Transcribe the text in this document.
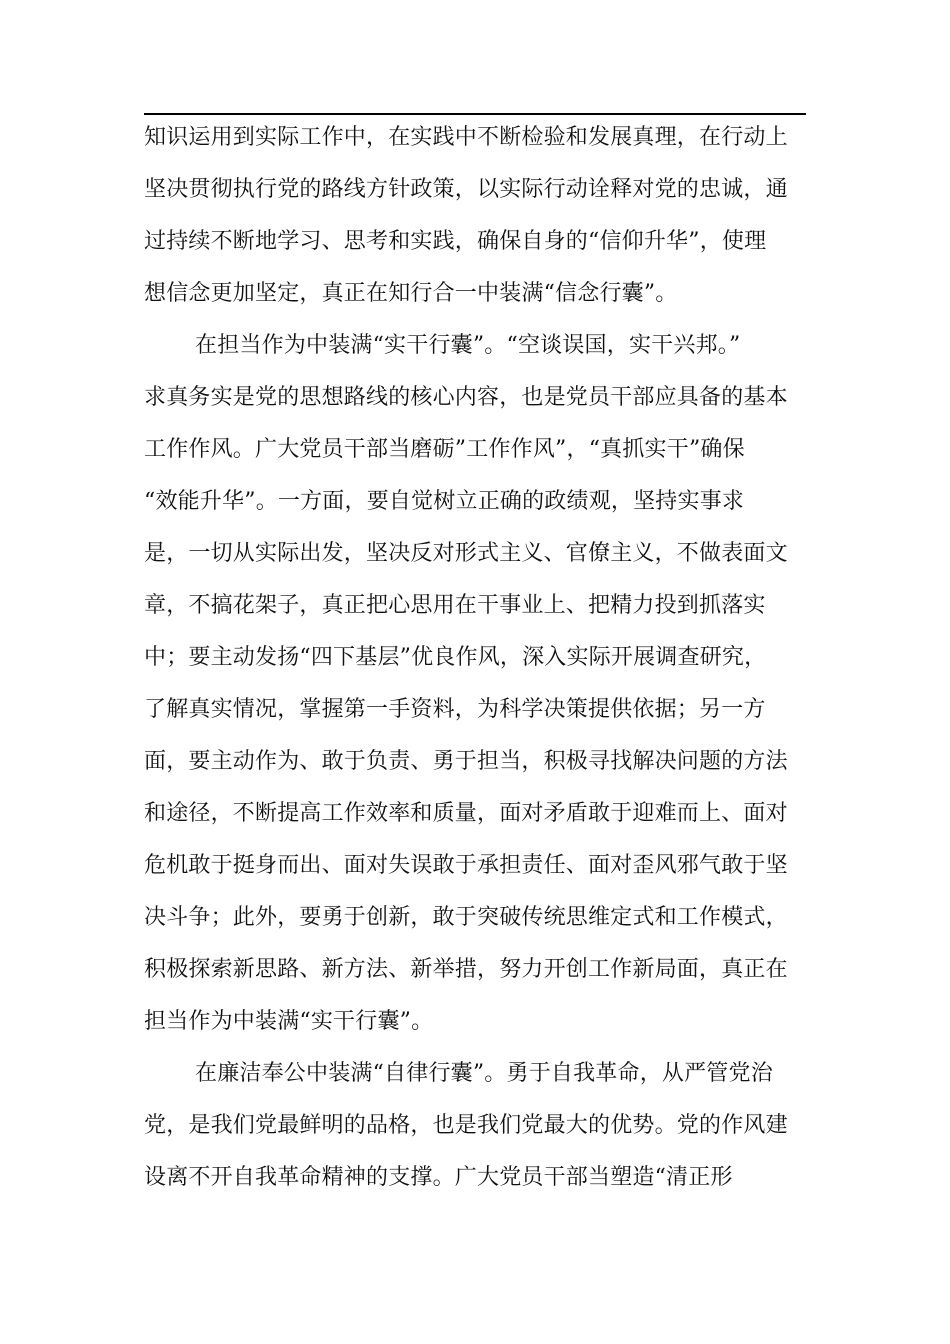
知识运用到实际工作中，在实践中不断检验和发展真理，在行动上
坚决贯彻执行党的路线方针政策，以实际行动诠释对党的忠诚，通
过持续不断地学习、思考和实践，确保自身的“信仰升华”，使理
想信念更加坚定，真正在知行合一中装满“信念行囊”。
在担当作为中装满“实干行囊”。“空谈误国，实干兴邦。”
求真务实是党的思想路线的核心内容，也是党员干部应具备的基本
工作作风。广大党员干部当磨砺”工作作风”，“真抓实干”确保
“效能升华”。一方面，要自觉树立正确的政绩观，坚持实事求
是，一切从实际出发，坚决反对形式主义、官僚主义，不做表面文
章，不搞花架子，真正把心思用在干事业上、把精力投到抓落实
中；要主动发扬“四下基层”优良作风，深入实际开展调查研究，
了解真实情况，掌握第一手资料，为科学决策提供依据；另一方
面，要主动作为、敢于负责、勇于担当，积极寻找解决问题的方法
和途径，不断提高工作效率和质量，面对矛盾敢于迎难而上、面对
危机敢于挺身而出、面对失误敢于承担责任、面对歪风邪气敢于坚
决斗争；此外，要勇于创新，敢于突破传统思维定式和工作模式，
积极探索新思路、新方法、新举措，努力开创工作新局面，真正在
担当作为中装满“实干行囊”。
在廉洁奉公中装满“自律行囊”。勇于自我革命，从严管党治
党，是我们党最鲜明的品格，也是我们党最大的优势。党的作风建
设离不开自我革命精神的支撑。广大党员干部当塑造“清正形
